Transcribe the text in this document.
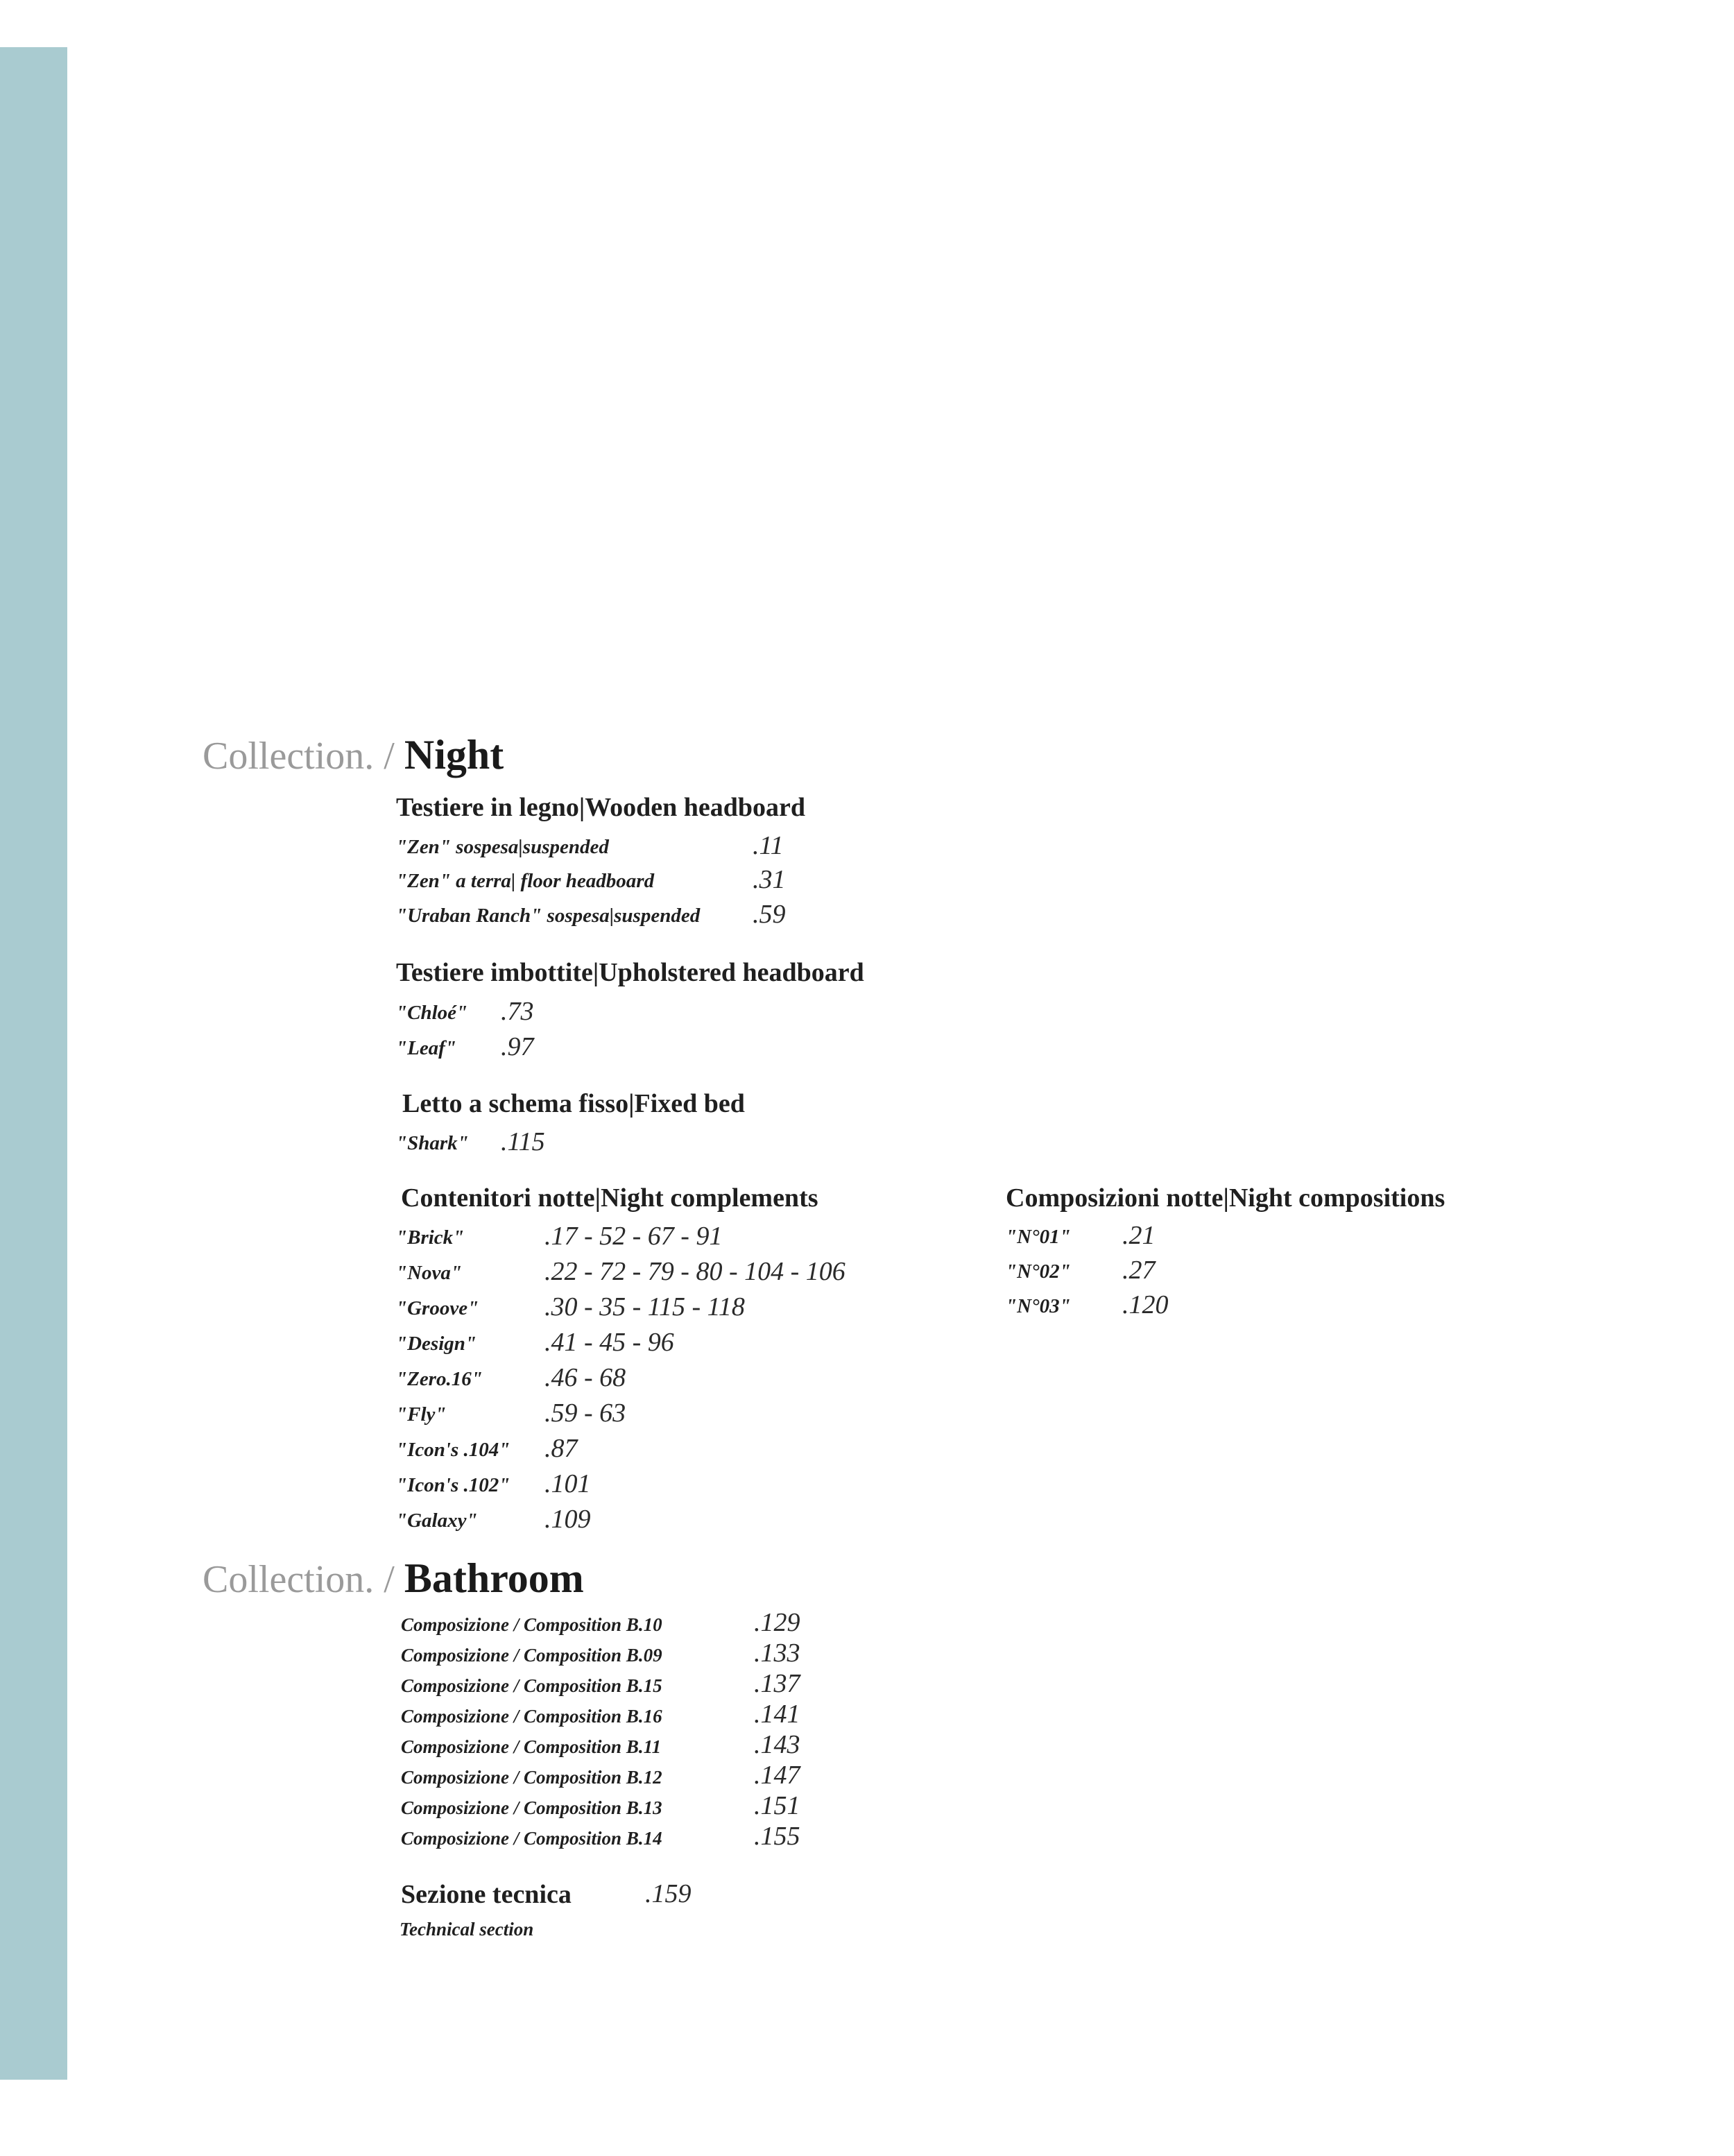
Collection. / Night
Testiere in legno|Wooden headboard
"Zen" sospesa|suspended	.11
"Zen" a terra| floor headboard	.31
"Uraban Ranch" sospesa|suspended .59
Testiere imbottite|Upholstered headboard
"Chloé" .73
"Leaf" .97
Letto a schema fisso|Fixed bed
"Shark" .115
Contenitori notte|Night complements
"Brick"	.17 - 52 - 67 - 91
"Nova"	.22 - 72 - 79 - 80 - 104 - 106
"Groove" .30 - 35 - 115 - 118
"Design"	.41 - 45 - 96
"Zero.16" .46 - 68
"Fly"	.59 - 63
"Icon's .104" .87
"Icon's .102" .101
"Galaxy"	.109
Composizioni notte|Night compositions
"N°01" .21
"N°02" .27
"N°03" .120
Collection. / Bathroom
Composizione / Composition B.10	.129
Composizione / Composition B.09	.133
Composizione / Composition B.15	.137
Composizione / Composition B.16	.141
Composizione / Composition B.11	.143
Composizione / Composition B.12	.147
Composizione / Composition B.13	.151
Composizione / Composition B.14	.155
Sezione tecnica	.159
Technical section
